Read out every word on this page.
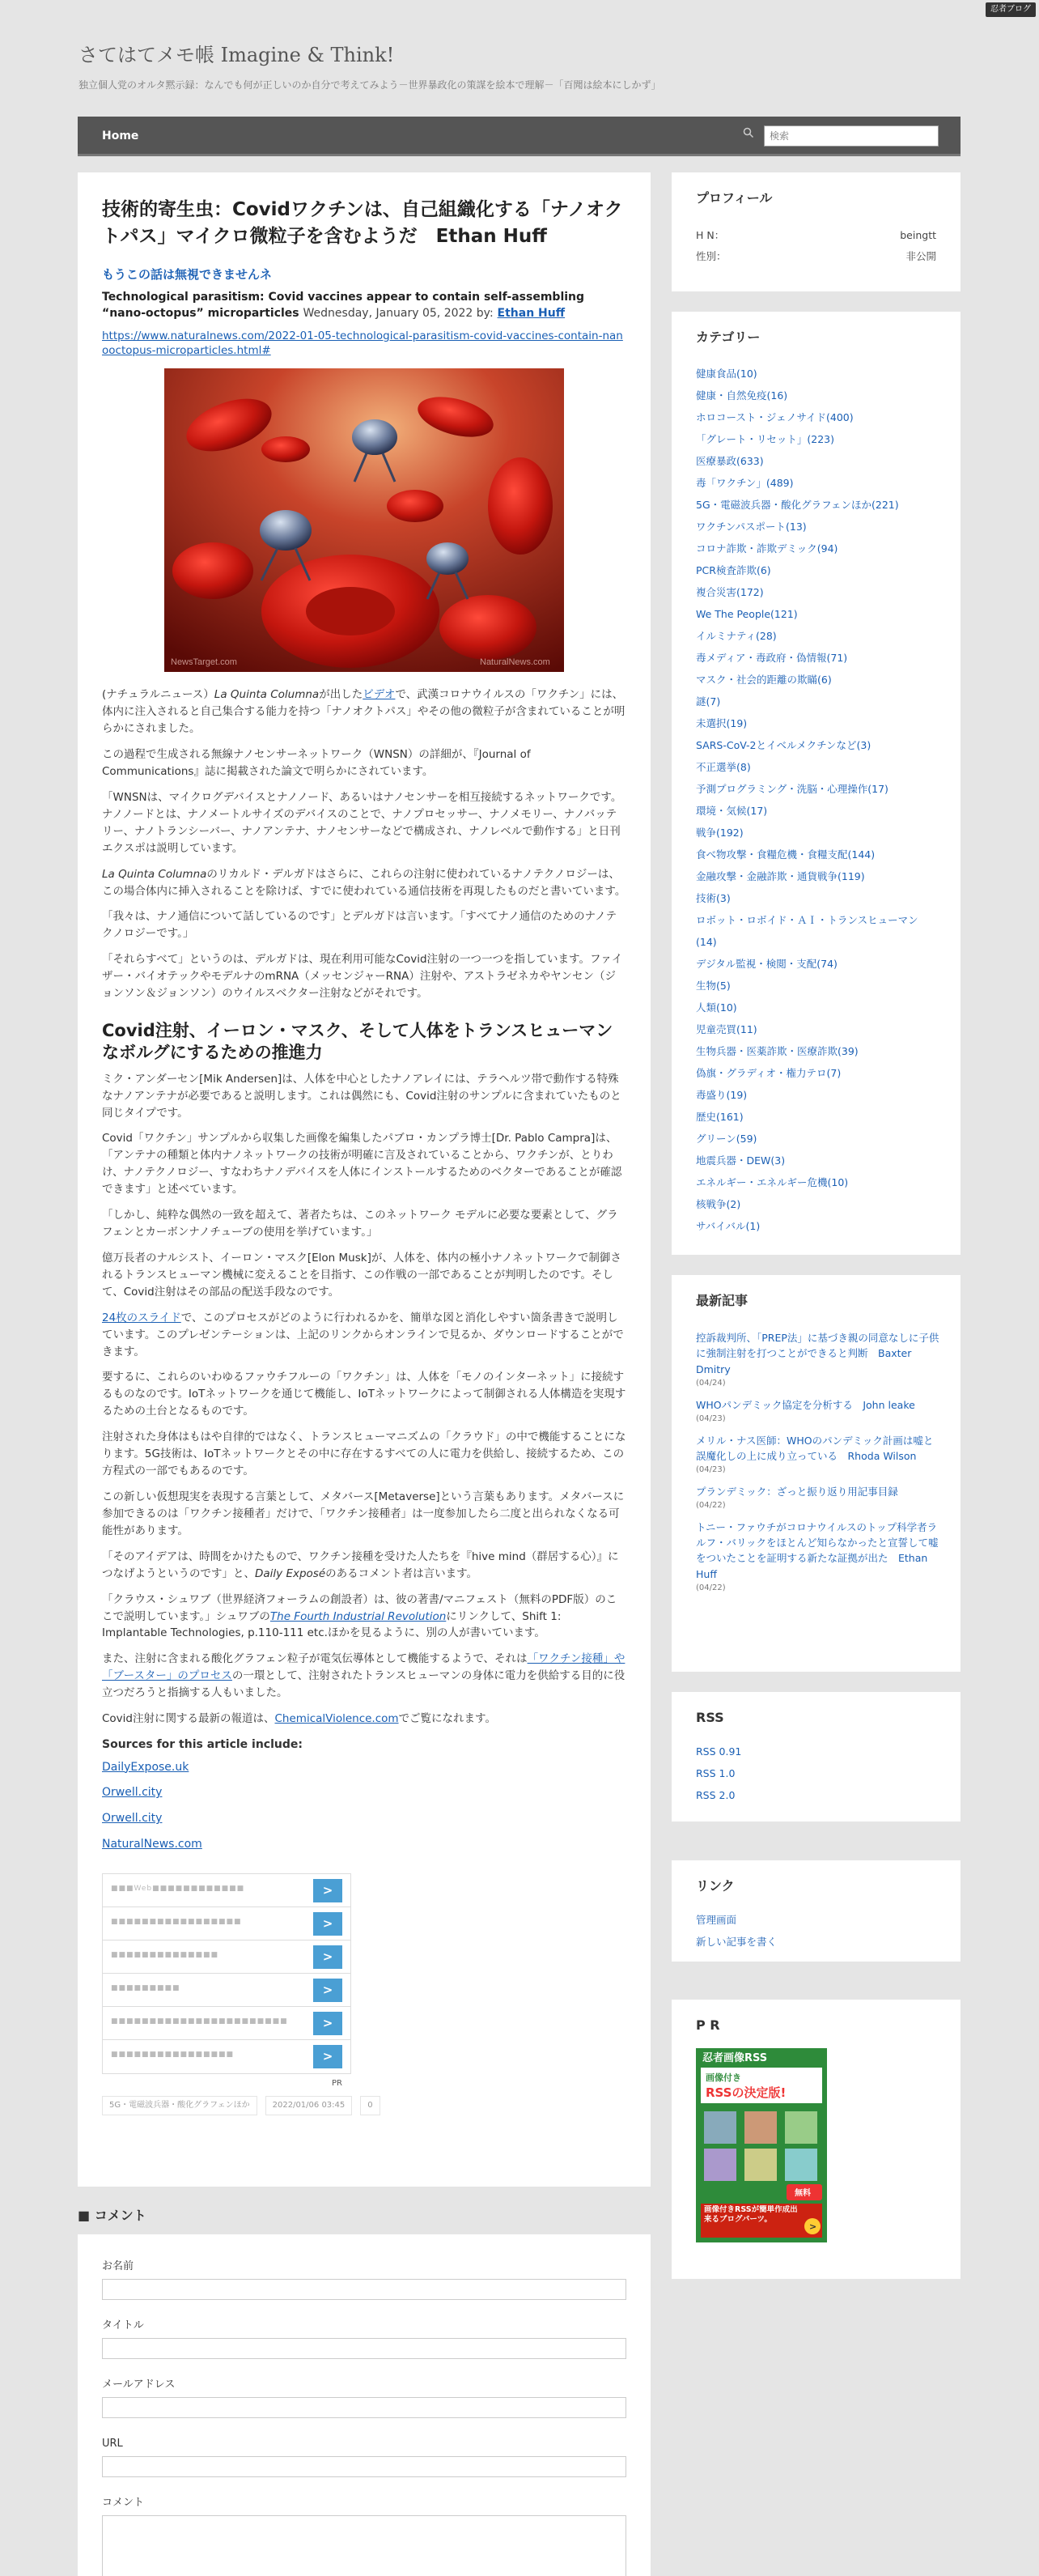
忍者ブログ
さてはてメモ帳 Imagine & Think!
独立個人党のオルタ黙示録：なんでも何が正しいのか自分で考えてみよう－世界暴政化の策謀を絵本で理解－「百聞は絵本にしかず」
Home
検索
技術的寄生虫：Covidワクチンは、自己組織化する「ナノオクトパス」マイクロ微粒子を含むようだ　Ethan Huff
もうこの話は無視できませんネ
Technological parasitism: Covid vaccines appear to contain self-assembling “nano-octopus” microparticles Wednesday, January 05, 2022 by: Ethan Huff
https://www.naturalnews.com/2022-01-05-technological-parasitism-covid-vaccines-contain-nanooctopus-microparticles.html#
NewsTarget.com	NaturalNews.com

(ナチュラルニュース）La Quinta Columnaが出したビデオで、武漢コロナウイルスの「ワクチン」には、体内に注入されると自己集合する能力を持つ「ナノオクトパス」やその他の微粒子が含まれていることが明らかにされました。

この過程で生成される無線ナノセンサーネットワーク（WNSN）の詳細が、『Journal of Communications』誌に掲載された論文で明らかにされています。

「WNSNは、マイクログデバイスとナノノード、あるいはナノセンサーを相互接続するネットワークです。ナノノードとは、ナノメートルサイズのデバイスのことで、ナノプロセッサー、ナノメモリー、ナノバッテリー、ナノトランシーバー、ナノアンテナ、ナノセンサーなどで構成され、ナノレベルで動作する」と日刊エクスポは説明しています。

La Quinta Columnaのリカルド・デルガドはさらに、これらの注射に使われているナノテクノロジーは、この場合体内に挿入されることを除けば、すでに使われている通信技術を再現したものだと書いています。

「我々は、ナノ通信について話しているのです」とデルガドは言います。「すべてナノ通信のためのナノテクノロジーです。」

「それらすべて」というのは、デルガドは、現在利用可能なCovid注射の一つ一つを指しています。ファイザー・バイオテックやモデルナのmRNA（メッセンジャーRNA）注射や、アストラゼネカやヤンセン（ジョンソン＆ジョンソン）のウイルスベクター注射などがそれです。

Covid注射、イーロン・マスク、そして人体をトランスヒューマンなボルグにするための推進力

ミク・アンダーセン[Mik Andersen]は、人体を中心としたナノアレイには、テラヘルツ帯で動作する特殊なナノアンテナが必要であると説明します。これは偶然にも、Covid注射のサンプルに含まれていたものと同じタイプです。

Covid「ワクチン」サンプルから収集した画像を編集したパブロ・カンプラ博士[Dr. Pablo Campra]は、「アンテナの種類と体内ナノネットワークの技術が明確に言及されていることから、ワクチンが、とりわけ、ナノテクノロジー、すなわちナノデバイスを人体にインストールするためのベクターであることが確認できます」と述べています。

「しかし、純粋な偶然の一致を超えて、著者たちは、このネットワーク モデルに必要な要素として、グラフェンとカーボンナノチューブの使用を挙げています。」

億万長者のナルシスト、イーロン・マスク[Elon Musk]が、人体を、体内の極小ナノネットワークで制御されるトランスヒューマン機械に変えることを目指す、この作戦の一部であることが判明したのです。そして、Covid注射はその部品の配送手段なのです。

24枚のスライドで、このプロセスがどのように行われるかを、簡単な図と消化しやすい箇条書きで説明しています。このプレゼンテーションは、上記のリンクからオンラインで見るか、ダウンロードすることができます。

要するに、これらのいわゆるファウチフルーの「ワクチン」は、人体を「モノのインターネット」に接続するものなのです。IoTネットワークを通じて機能し、IoTネットワークによって制御される人体構造を実現するための土台となるものです。

注射された身体はもはや自律的ではなく、トランスヒューマニズムの「クラウド」の中で機能することになります。5G技術は、IoTネットワークとその中に存在するすべての人に電力を供給し、接続するため、この方程式の一部でもあるのです。

この新しい仮想現実を表現する言葉として、メタバース[Metaverse]という言葉もあります。メタバースに参加できるのは「ワクチン接種者」だけで、「ワクチン接種者」は一度参加したら二度と出られなくなる可能性があります。

「そのアイデアは、時間をかけたもので、ワクチン接種を受けた人たちを『hive mind（群居する心）』につなげようというのです」と、Daily Exposéのあるコメント者は言います。

「クラウス・シュワブ（世界経済フォーラムの創設者）は、彼の著書/マニフェスト（無料のPDF版）のここで説明しています。」シュワブのThe Fourth Industrial Revolutionにリンクして、Shift 1: Implantable Technologies, p.110-111 etc.ほかを見るように、別の人が書いています。

また、注射に含まれる酸化グラフェン粒子が電気伝導体として機能するようで、それは「ワクチン接種」や「ブースター」のプロセスの一環として、注射されたトランスヒューマンの身体に電力を供給する目的に役立つだろうと指摘する人もいました。

Covid注射に関する最新の報道は、ChemicalViolence.comでご覧になれます。

Sources for this article include:
DailyExpose.uk
Orwell.city
Orwell.city
NaturalNews.com
■■■Web■■■■■■■■■■■■	>
■■■■■■■■■■■■■■■■■	>
■■■■■■■■■■■■■■	>
■■■■■■■■■	>
■■■■■■■■■■■■■■■■■■■■■■■	>
■■■■■■■■■■■■■■■■	>
PR
5G・電磁波兵器・酸化グラフェンほか	2022/01/06 03:45	0
■ コメント
お名前
タイトル
メールアドレス
URL
コメント
プロフィール
H N：	beingtt
性別：	非公開
カテゴリー
健康食品(10)
健康・自然免疫(16)
ホロコースト・ジェノサイド(400)
「グレート・リセット」(223)
医療暴政(633)
毒「ワクチン」(489)
5G・電磁波兵器・酸化グラフェンほか(221)
ワクチンパスポート(13)
コロナ詐欺・詐欺デミック(94)
PCR検査詐欺(6)
複合災害(172)
We The People(121)
イルミナティ(28)
毒メディア・毒政府・偽情報(71)
マスク・社会的距離の欺瞞(6)
謎(7)
未選択(19)
SARS-CoV-2とイベルメクチンなど(3)
不正選挙(8)
予測プログラミング・洗脳・心理操作(17)
環境・気候(17)
戦争(192)
食べ物攻撃・食糧危機・食糧支配(144)
金融攻撃・金融詐欺・通貨戦争(119)
技術(3)
ロボット・ロボイド・ＡＩ・トランスヒューマン(14)
デジタル監視・検閲・支配(74)
生物(5)
人類(10)
児童売買(11)
生物兵器・医薬詐欺・医療詐欺(39)
偽旗・グラディオ・権力テロ(7)
毒盛り(19)
歴史(161)
グリーン(59)
地震兵器・DEW(3)
エネルギー・エネルギー危機(10)
核戦争(2)
サバイバル(1)
最新記事
控訴裁判所、「PREP法」に基づき親の同意なしに子供に強制注射を打つことができると判断　Baxter Dmitry
(04/24)
WHOパンデミック協定を分析する　John leake
(04/23)
メリル・ナス医師：WHOのパンデミック計画は嘘と誤魔化しの上に成り立っている　Rhoda Wilson
(04/23)
プランデミック：ざっと振り返り用記事目録
(04/22)
トニー・ファウチがコロナウイルスのトップ科学者ラルフ・バリックをほとんど知らなかったと宣誓して嘘をついたことを証明する新たな証拠が出た　Ethan Huff
(04/22)
RSS
RSS 0.91
RSS 1.0
RSS 2.0
リンク
管理画面
新しい記事を書く
P R
忍者画像RSS
画像付き
RSSの決定版!
無料
画像付きRSSが簡単作成出来るブログパーツ。
>
